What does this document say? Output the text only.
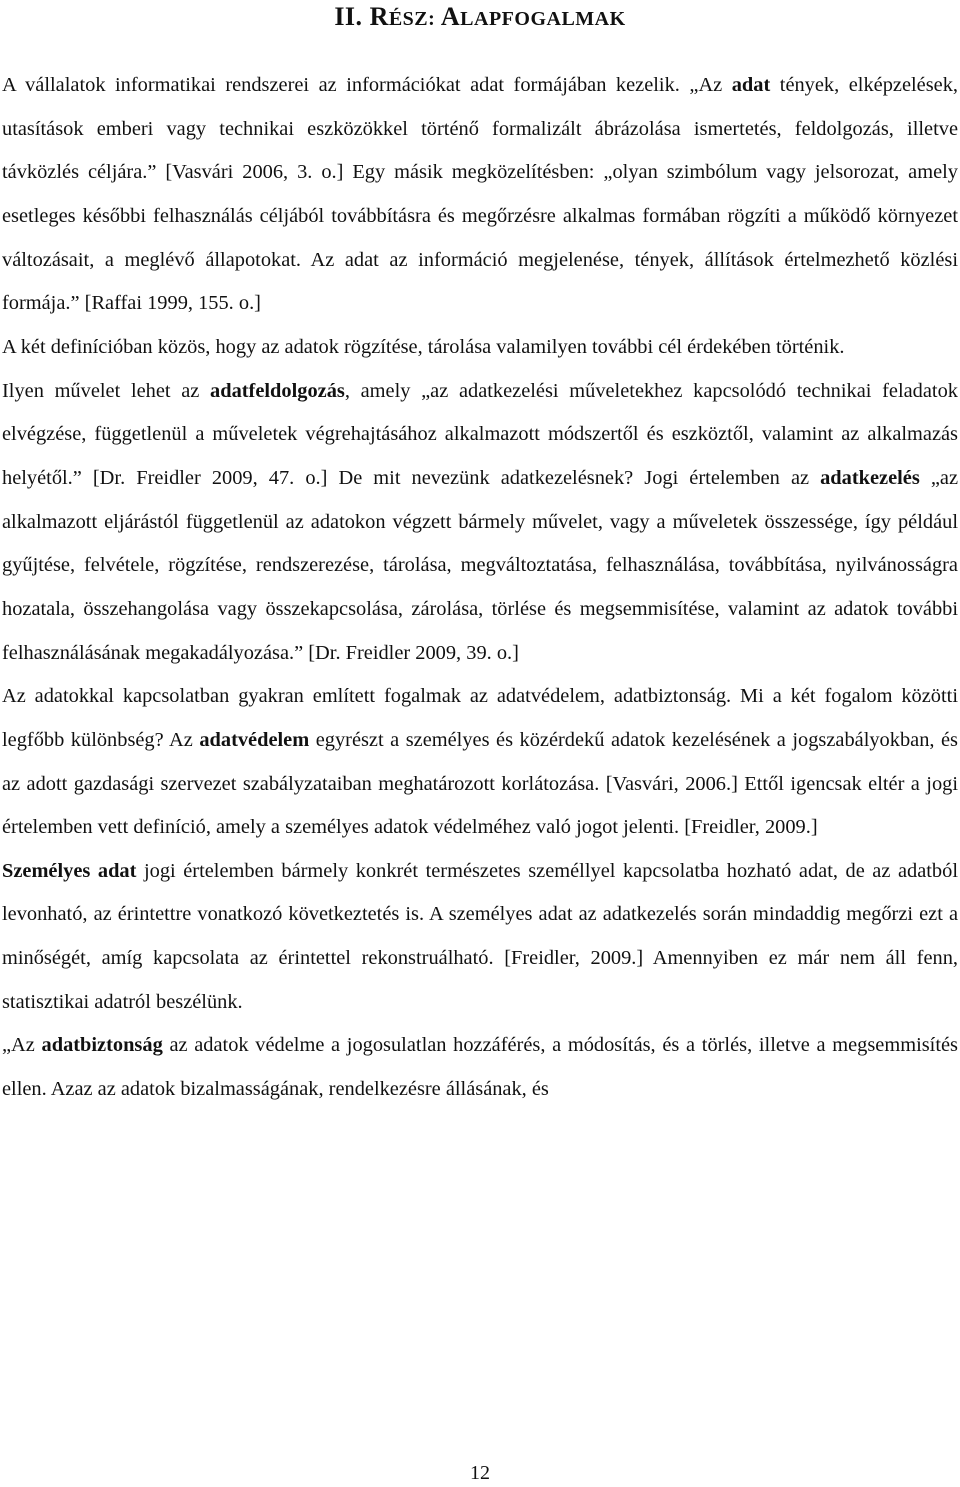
II. RÉSZ: ALAPFOGALMAK

A vállalatok informatikai rendszerei az információkat adat formájában kezelik. „Az adat tények, elképzelések, utasítások emberi vagy technikai eszközökkel történő formalizált ábrázolása ismertetés, feldolgozás, illetve távközlés céljára.” [Vasvári 2006, 3. o.] Egy másik megközelítésben: „olyan szimbólum vagy jelsorozat, amely esetleges későbbi felhasználás céljából továbbításra és megőrzésre alkalmas formában rögzíti a működő környezet változásait, a meglévő állapotokat. Az adat az információ megjelenése, tények, állítások értelmezhető közlési formája.” [Raffai 1999, 155. o.]

A két definícióban közös, hogy az adatok rögzítése, tárolása valamilyen további cél érdekében történik.

Ilyen művelet lehet az adatfeldolgozás, amely „az adatkezelési műveletekhez kapcsolódó technikai feladatok elvégzése, függetlenül a műveletek végrehajtásához alkalmazott módszertől és eszköztől, valamint az alkalmazás helyétől.” [Dr. Freidler 2009, 47. o.] De mit nevezünk adatkezelésnek? Jogi értelemben az adatkezelés „az alkalmazott eljárástól függetlenül az adatokon végzett bármely művelet, vagy a műveletek összessége, így például gyűjtése, felvétele, rögzítése, rendszerezése, tárolása, megváltoztatása, felhasználása, továbbítása, nyilvánosságra hozatala, összehangolása vagy összekapcsolása, zárolása, törlése és megsemmisítése, valamint az adatok további felhasználásának megakadályozása.” [Dr. Freidler 2009, 39. o.]

Az adatokkal kapcsolatban gyakran említett fogalmak az adatvédelem, adatbiztonság. Mi a két fogalom közötti legfőbb különbség? Az adatvédelem egyrészt a személyes és közérdekű adatok kezelésének a jogszabályokban, és az adott gazdasági szervezet szabályzataiban meghatározott korlátozása. [Vasvári, 2006.] Ettől igencsak eltér a jogi értelemben vett definíció, amely a személyes adatok védelméhez való jogot jelenti. [Freidler, 2009.]

Személyes adat jogi értelemben bármely konkrét természetes személlyel kapcsolatba hozható adat, de az adatból levonható, az érintettre vonatkozó következtetés is. A személyes adat az adatkezelés során mindaddig megőrzi ezt a minőségét, amíg kapcsolata az érintettel rekonstruálható. [Freidler, 2009.] Amennyiben ez már nem áll fenn, statisztikai adatról beszélünk.

„Az adatbiztonság az adatok védelme a jogosulatlan hozzáférés, a módosítás, és a törlés, illetve a megsemmisítés ellen. Azaz az adatok bizalmasságának, rendelkezésre állásának, és

12
